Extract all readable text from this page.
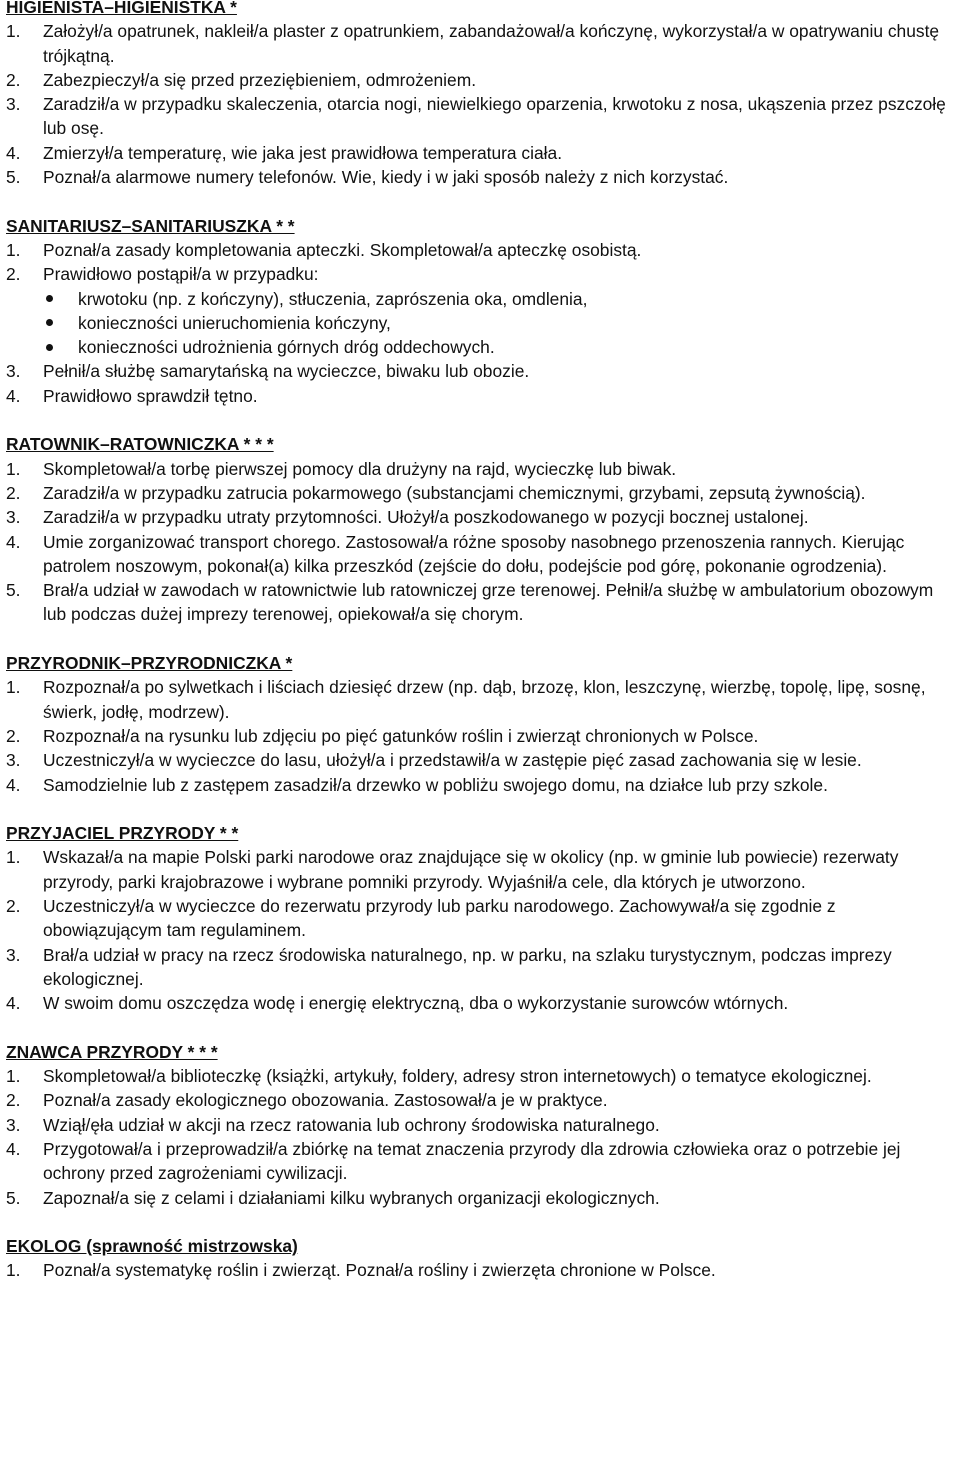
HIGIENISTA–HIGIENISTKA *
1.	Założył/a opatrunek, nakleił/a plaster z opatrunkiem, zabandażował/a kończynę, wykorzystał/a w opatrywaniu chustę trójkątną.
2.	Zabezpieczył/a się przed przeziębieniem, odmrożeniem.
3.	Zaradził/a w przypadku skaleczenia, otarcia nogi, niewielkiego oparzenia, krwotoku z nosa, ukąszenia przez pszczołę lub osę.
4.	Zmierzył/a temperaturę, wie jaka jest prawidłowa temperatura ciała.
5.	Poznał/a alarmowe numery telefonów. Wie, kiedy i w jaki sposób należy z nich korzystać.
SANITARIUSZ–SANITARIUSZKA * *
1.	Poznał/a zasady kompletowania apteczki. Skompletował/a apteczkę osobistą.
2.	Prawidłowo postąpił/a w przypadku:
krwotoku (np. z kończyny), stłuczenia, zaprószenia oka, omdlenia,
konieczności unieruchomienia kończyny,
konieczności udrożnienia górnych dróg oddechowych.
3.	Pełnił/a służbę samarytańską na wycieczce, biwaku lub obozie.
4.	Prawidłowo sprawdził tętno.
RATOWNIK–RATOWNICZKA * * *
1.	Skompletował/a torbę pierwszej pomocy dla drużyny na rajd, wycieczkę lub biwak.
2.	Zaradził/a w przypadku zatrucia pokarmowego (substancjami chemicznymi, grzybami, zepsutą żywnością).
3.	Zaradził/a w przypadku utraty przytomności. Ułożył/a poszkodowanego w pozycji bocznej ustalonej.
4.	Umie zorganizować transport chorego. Zastosował/a różne sposoby nasobnego przenoszenia rannych. Kierując patrolem noszowym, pokonał(a) kilka przeszkód (zejście do dołu, podejście pod górę, pokonanie ogrodzenia).
5.	Brał/a udział w zawodach w ratownictwie lub ratowniczej grze terenowej. Pełnił/a służbę w ambulatorium obozowym lub podczas dużej imprezy terenowej, opiekował/a się chorym.
PRZYRODNIK–PRZYRODNICZKA *
1.	Rozpoznał/a po sylwetkach i liściach dziesięć drzew (np. dąb, brzozę, klon, leszczynę, wierzbę, topolę, lipę, sosnę, świerk, jodłę, modrzew).
2.	Rozpoznał/a na rysunku lub zdjęciu po pięć gatunków roślin i zwierząt chronionych w Polsce.
3.	Uczestniczył/a w wycieczce do lasu, ułożył/a i przedstawił/a w zastępie pięć zasad zachowania się w lesie.
4.	Samodzielnie lub z zastępem zasadził/a drzewko w pobliżu swojego domu, na działce lub przy szkole.
PRZYJACIEL PRZYRODY * *
1.	Wskazał/a na mapie Polski parki narodowe oraz znajdujące się w okolicy (np. w gminie lub powiecie) rezerwaty przyrody, parki krajobrazowe i wybrane pomniki przyrody. Wyjaśnił/a cele, dla których je utworzono.
2.	Uczestniczył/a w wycieczce do rezerwatu przyrody lub parku narodowego. Zachowywał/a się zgodnie z obowiązującym tam regulaminem.
3.	Brał/a udział w pracy na rzecz środowiska naturalnego, np. w parku, na szlaku turystycznym, podczas imprezy ekologicznej.
4.	W swoim domu oszczędza wodę i energię elektryczną, dba o wykorzystanie surowców wtórnych.
ZNAWCA PRZYRODY * * *
1.	Skompletował/a biblioteczkę (książki, artykuły, foldery, adresy stron internetowych) o tematyce ekologicznej.
2.	Poznał/a zasady ekologicznego obozowania. Zastosował/a je w praktyce.
3.	Wziął/ęła udział w akcji na rzecz ratowania lub ochrony środowiska naturalnego.
4.	Przygotował/a i przeprowadził/a zbiórkę na temat znaczenia przyrody dla zdrowia człowieka oraz o potrzebie jej ochrony przed zagrożeniami cywilizacji.
5.	Zapoznał/a się z celami i działaniami kilku wybranych organizacji ekologicznych.
EKOLOG (sprawność mistrzowska)
1.	Poznał/a systematykę roślin i zwierząt. Poznał/a rośliny i zwierzęta chronione w Polsce.
